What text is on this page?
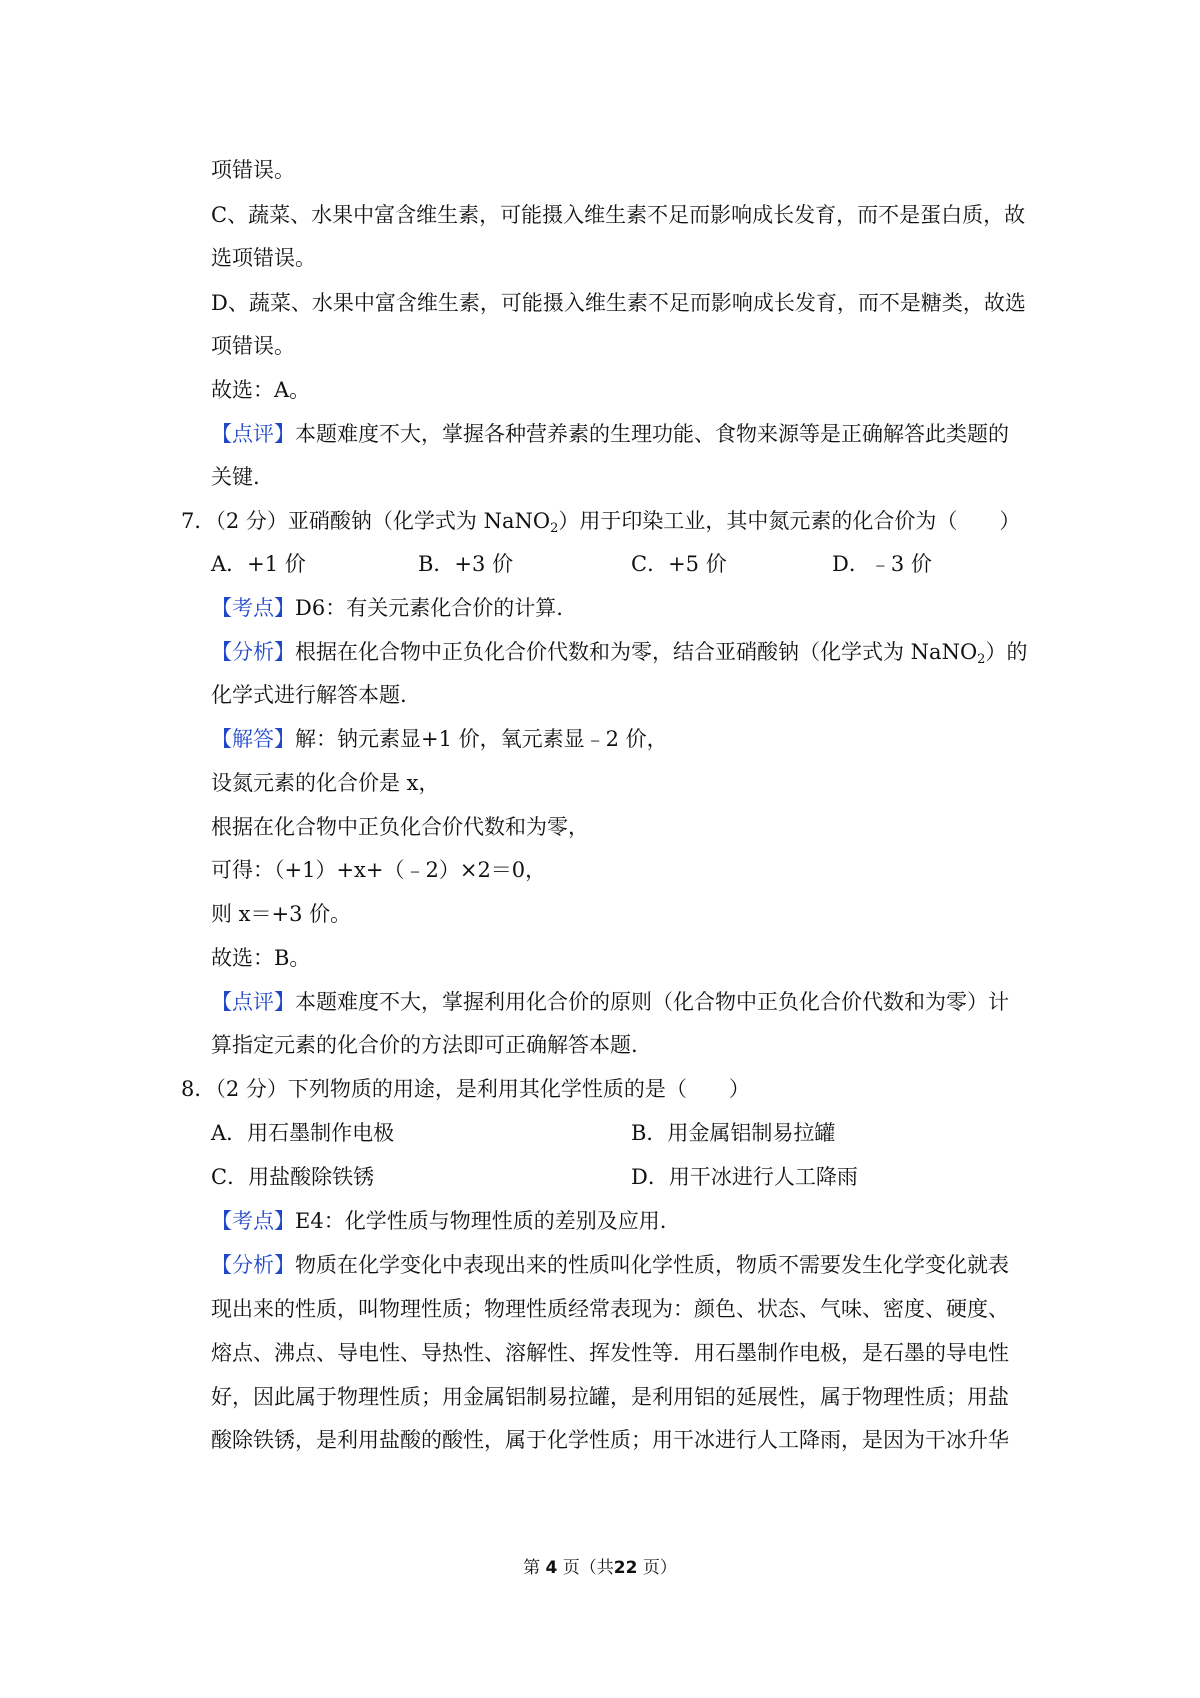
项错误。
C、蔬菜、水果中富含维生素，可能摄入维生素不足而影响成长发育，而不是蛋白质，故
选项错误。
D、蔬菜、水果中富含维生素，可能摄入维生素不足而影响成长发育，而不是糖类，故选
项错误。
故选：A。
【点评】本题难度不大，掌握各种营养素的生理功能、食物来源等是正确解答此类题的
关键.
7．（2 分）亚硝酸钠（化学式为 NaNO$_2$）用于印染工业，其中氮元素的化合价为（　　）
A．+1 价	B．+3 价	C．+5 价	D．﹣3 价
【考点】D6：有关元素化合价的计算.
【分析】根据在化合物中正负化合价代数和为零，结合亚硝酸钠（化学式为 NaNO$_2$）的
化学式进行解答本题.
【解答】解：钠元素显+1 价，氧元素显﹣2 价，
设氮元素的化合价是 x，
根据在化合物中正负化合价代数和为零，
可得：（+1）+x+（﹣2）×2＝0，
则 x＝+3 价。
故选：B。
【点评】本题难度不大，掌握利用化合价的原则（化合物中正负化合价代数和为零）计
算指定元素的化合价的方法即可正确解答本题.
8．（2 分）下列物质的用途，是利用其化学性质的是（　　）
A．用石墨制作电极	B．用金属铝制易拉罐
C．用盐酸除铁锈	D．用干冰进行人工降雨
【考点】E4：化学性质与物理性质的差别及应用.
【分析】物质在化学变化中表现出来的性质叫化学性质，物质不需要发生化学变化就表
现出来的性质，叫物理性质；物理性质经常表现为：颜色、状态、气味、密度、硬度、
熔点、沸点、导电性、导热性、溶解性、挥发性等．用石墨制作电极，是石墨的导电性
好，因此属于物理性质；用金属铝制易拉罐，是利用铝的延展性，属于物理性质；用盐
酸除铁锈，是利用盐酸的酸性，属于化学性质；用干冰进行人工降雨，是因为干冰升华
第 4 页（共22 页）
